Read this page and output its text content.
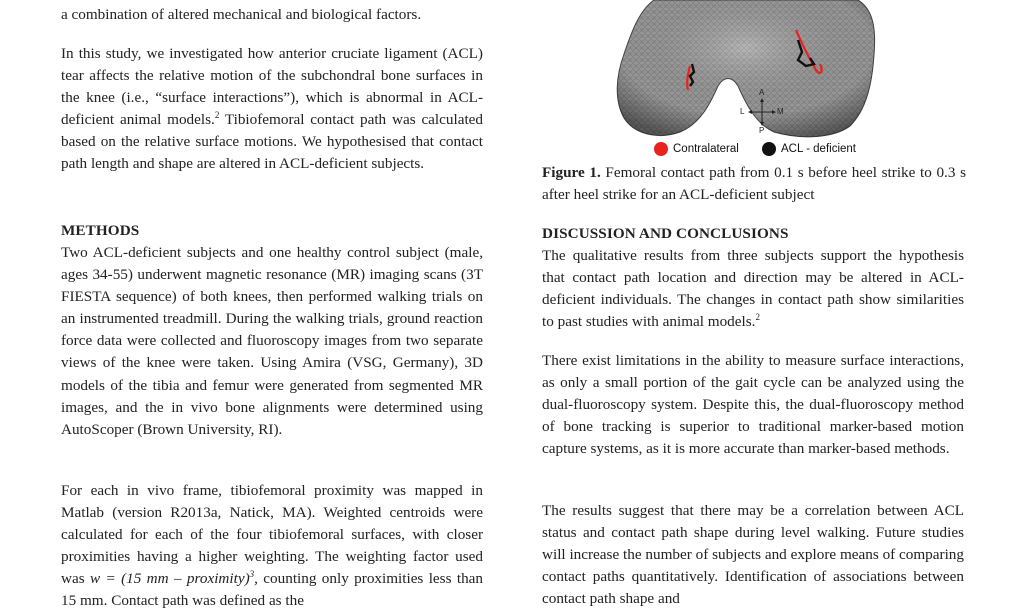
a combination of altered mechanical and biological factors.

In this study, we investigated how anterior cruciate ligament (ACL) tear affects the relative motion of the subchondral bone surfaces in the knee (i.e., “surface interactions”), which is abnormal in ACL-deficient animal models.$^2$ Tibiofemoral contact path was calculated based on the relative surface motions. We hypothesised that contact path length and shape are altered in ACL-deficient subjects.

METHODS

Two ACL-deficient subjects and one healthy control subject (male, ages 34-55) underwent magnetic resonance (MR) imaging scans (3T FIESTA sequence) of both knees, then performed walking trials on an instrumented treadmill. During the walking trials, ground reaction force data were collected and fluoroscopy images from two separate views of the knee were taken. Using Amira (VSG, Germany), 3D models of the tibia and femur were generated from segmented MR images, and the in vivo bone alignments were determined using AutoScoper (Brown University, RI).

For each in vivo frame, tibiofemoral proximity was mapped in Matlab (version R2013a, Natick, MA). Weighted centroids were calculated for each of the four tibiofemoral surfaces, with closer proximities having a higher weighting. The weighting factor used was w = (15 mm – proximity)$^3$, counting only proximities less than 15 mm. Contact path was defined as the

A
P
L	M
Contralateral	ACL - deficient

Figure 1. Femoral contact path from 0.1 s before heel strike to 0.3 s after heel strike for an ACL-deficient subject

DISCUSSION AND CONCLUSIONS

The qualitative results from three subjects support the hypothesis that contact path location and direction may be altered in ACL-deficient individuals. The changes in contact path show similarities to past studies with animal models.$^2$

There exist limitations in the ability to measure surface interactions, as only a small portion of the gait cycle can be analyzed using the dual-fluoroscopy system. Despite this, the dual-fluoroscopy method of bone tracking is superior to traditional marker-based motion capture systems, as it is more accurate than marker-based methods.

The results suggest that there may be a correlation between ACL status and contact path shape during level walking. Future studies will increase the number of subjects and explore means of comparing contact paths quantitatively. Identification of associations between contact path shape and
